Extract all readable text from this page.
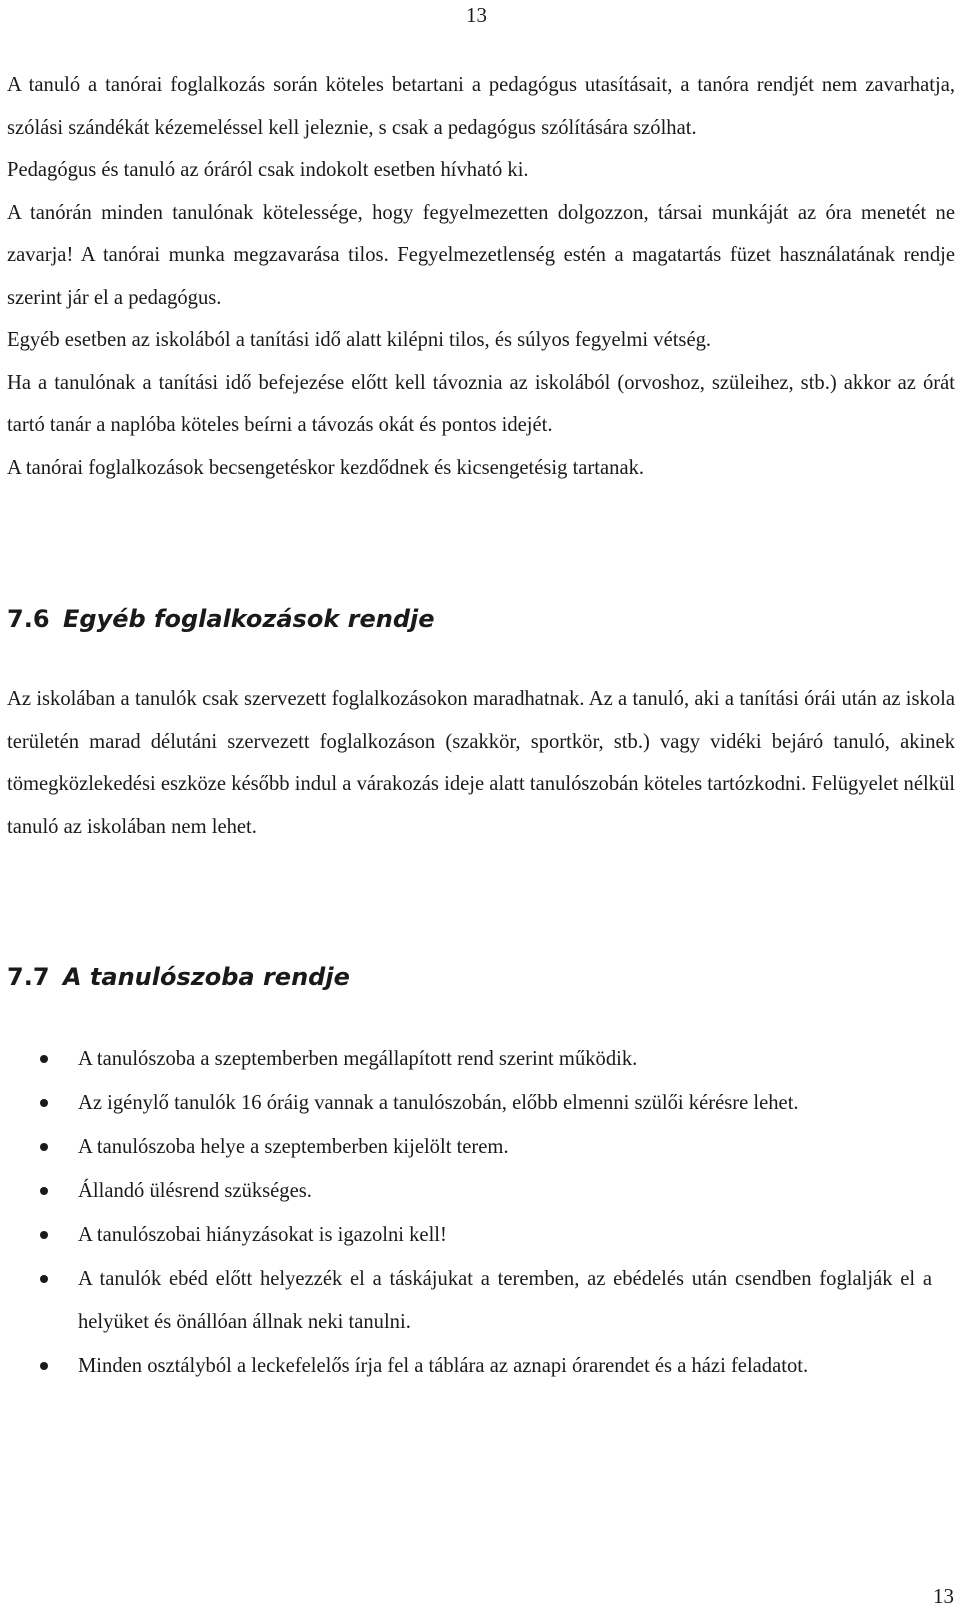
13

A tanuló a tanórai foglalkozás során köteles betartani a pedagógus utasításait, a tanóra rendjét nem zavarhatja, szólási szándékát kézemeléssel kell jeleznie, s csak a pedagógus szólítására szólhat.

Pedagógus és tanuló az óráról csak indokolt esetben hívható ki.

A tanórán minden tanulónak kötelessége, hogy fegyelmezetten dolgozzon, társai munkáját az óra menetét ne zavarja! A tanórai munka megzavarása tilos. Fegyelmezetlenség estén a magatartás füzet használatának rendje szerint jár el a pedagógus.

Egyéb esetben az iskolából a tanítási idő alatt kilépni tilos, és súlyos fegyelmi vétség.

Ha a tanulónak a tanítási idő befejezése előtt kell távoznia az iskolából (orvoshoz, szüleihez, stb.) akkor az órát tartó tanár a naplóba köteles beírni a távozás okát és pontos idejét.

A tanórai foglalkozások becsengetéskor kezdődnek és kicsengetésig tartanak.

7.6 Egyéb foglalkozások rendje

Az iskolában a tanulók csak szervezett foglalkozásokon maradhatnak. Az a tanuló, aki a tanítási órái után az iskola területén marad délutáni szervezett foglalkozáson (szakkör, sportkör, stb.) vagy vidéki bejáró tanuló, akinek tömegközlekedési eszköze később indul a várakozás ideje alatt tanulószobán köteles tartózkodni. Felügyelet nélkül tanuló az iskolában nem lehet.

7.7 A tanulószoba rendje
A tanulószoba a szeptemberben megállapított rend szerint működik.
Az igénylő tanulók 16 óráig vannak a tanulószobán, előbb elmenni szülői kérésre lehet.
A tanulószoba helye a szeptemberben kijelölt terem.
Állandó ülésrend szükséges.
A tanulószobai hiányzásokat is igazolni kell!
A tanulók ebéd előtt helyezzék el a táskájukat a teremben, az ebédelés után csendben foglalják el a helyüket és önállóan állnak neki tanulni.
Minden osztályból a leckefelelős írja fel a táblára az aznapi órarendet és a házi feladatot.
13
